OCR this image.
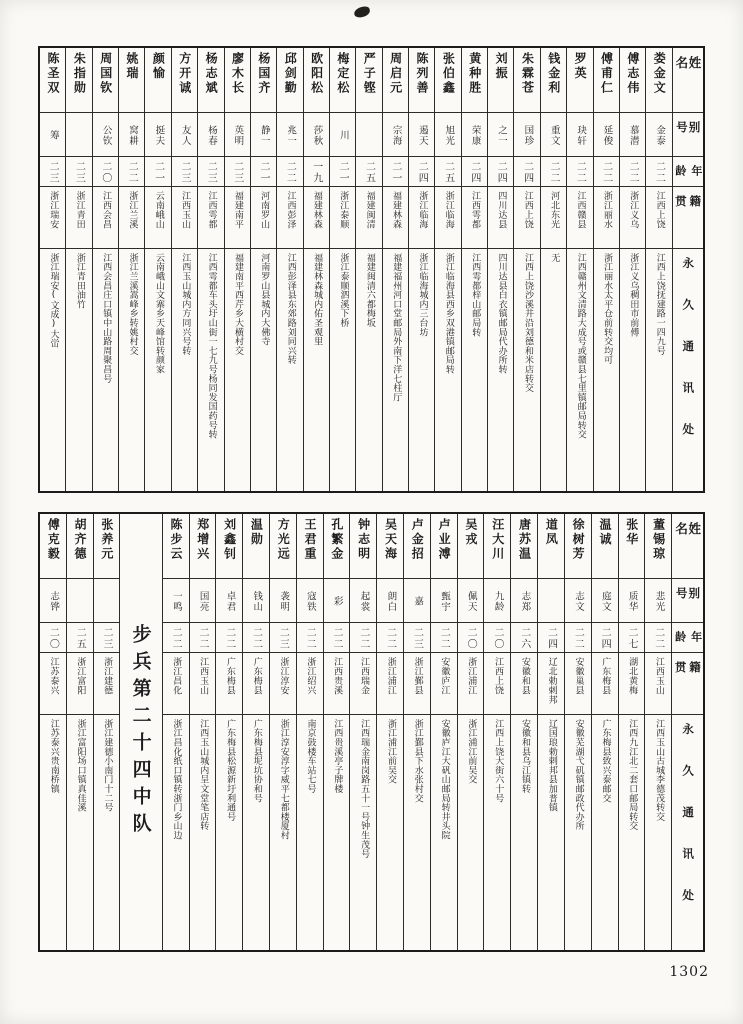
陈圣双
筹
二三
浙江瑞安
浙江瑞安(文成)大峃
朱指勋
二三
浙江青田
浙江青田油竹
周国钦
公钦
二〇
江西会昌
江西会昌庄口镇中山路周聚昌号
姚瑞
窝耕
二二
浙江兰溪
浙江兰溪嵩峰乡转姚村交
颜愉
挺夫
二一
云南峨山
云南峨山文寨乡天峰馆转颜家
方开诚
友人
二三
江西玉山
江西玉山城内方同兴号转
杨志斌
杨春
二三
江西雩都
江西雩都车头圩山街一七九号杨同发国药号转
廖木长
英明
二三
福建南平
福建南平西芹乡大横村交
杨国齐
静一
二一
河南罗山
河南罗山县城内大佛寺
邱剑勤
兆一
二二
江西彭泽
江西彭泽县东郊路刘同兴转
欧阳松
莎秋
一九
福建林森
福建林森城内佑圣观里
梅定松
川
二一
浙江泰顺
浙江泰顺泗溪下桥
严子铿
二五
福建闽清
福建闽清六都梅坂
周启元
宗海
二一
福建林森
福建福州河口堂邮局外南下洋七柱厅
陈列善
遏天
二四
浙江临海
浙江临海城内三台坊
张伯鑫
旭光
二五
浙江临海
浙江临海县西乡双港镇邮局转
黄种胜
荣康
二四
江西雩都
江西雩都梓山邮局转
刘振
之一
二四
四川达县
四川达县白衣镇邮局代办所转
朱霖苍
国珍
二四
江西上饶
江西上饶沙溪井沿刘德和米店转交
钱金利
重文
二二
河北东光
无
罗英
玦轩
二二
江西赣县
江西赣州文清路大成号或赣县七里镇邮局转交
傅甫仁
延俊
二二
浙江丽水
浙江丽水太平仓前转交均可
傅志伟
慕潜
二二
浙江义乌
浙江义乌稠田市前傅
娄金文
金泰
二二
江西上饶
江西上饶抚建路一四九号
姓名
别号
年龄
籍贯
永久通讯处
傅克毅
志铧
二〇
江苏泰兴
江苏泰兴贵南桥镇
胡齐德
二五
浙江富阳
浙江富阳场口镇真佳溪
张养元
二三
浙江建德
浙江建德小南门十二号 步兵第二十四中队
陈步云
一鸣
二二
浙江昌化
浙江昌化纸口镇转浙门乡山边
郑增兴
国亮
二二
江西玉山
江西玉山城内呈文堂笔店转
刘鑫钊
卓君
二二
广东梅县
广东梅县松源新圩利通号
温勋
钱山
二二
广东梅县
广东梅县坭坑协和号
方光远
袭明
二三
浙江淳安
浙江淳安淳字威平七都楼厦村
王君重
寇铁
二二
浙江绍兴
南京鼓楼车站七号
孔繁金
彩
二二
江西贵溪
江西贵溪亭子牌楼
钟志明
起裳
二二
江西瑞金
江西瑞金南岗路五十一号钟生茂号
吴天海
朗白
二二
浙江浦江
浙江浦江前吴交
卢金招
嘉
二三
浙江鄞县
浙江鄞县下水张村交
卢业溥
甄宇
二二
安徽庐江
安徽庐江大矾山邮局转井头院
吴戎
佩天
二〇
浙江浦江
浙江浦江前吴交
汪大川
九龄
二〇
江西上饶
江西上饶大街六十号
唐苏温
志郑
二六
安徽和县
安徽和县乌江镇转
道凤
二四
辽北勅剌邦
辽国琅勅剌邦县加普镇
徐树芳
志文
二二
安徽巢县
安徽芜湖弋矶镇邮政代办所
温诚
庭文
二四
广东梅县
广东梅县致兴泰邮交
张华
质华
二七
湖北黄梅
江西九江北二套口邮局转交
董锡琼
悲光
二二
江西玉山
江西玉山古城李德茂转交
姓名
别号
年龄
籍贯
永久通讯处
1302
